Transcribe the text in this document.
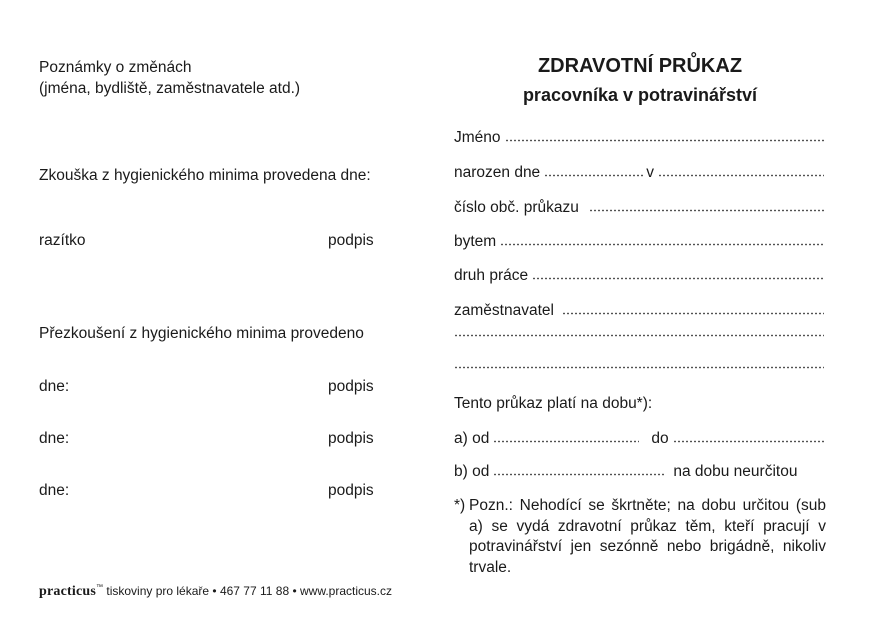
Poznámky o změnách
(jména, bydliště, zaměstnavatele atd.)
Zkouška z hygienického minima provedena dne:
razítko	podpis
Přezkoušení z hygienického minima provedeno
dne:	podpis
dne:	podpis
dne:	podpis
practicus™ tiskoviny pro lékaře • 467 77 11 88 • www.practicus.cz
ZDRAVOTNÍ PRŮKAZ
pracovníka v potravinářství
Jméno
narozen dne	v
číslo obč. průkazu
bytem
druh práce
zaměstnavatel
Tento průkaz platí na dobu*):
a) od	do
b) od	na dobu neurčitou
*) Pozn.: Nehodící se škrtněte; na dobu určitou (sub a) se vydá zdravotní průkaz těm, kteří pracují v potravinářství jen sezónně nebo brigádně, nikoliv trvale.
